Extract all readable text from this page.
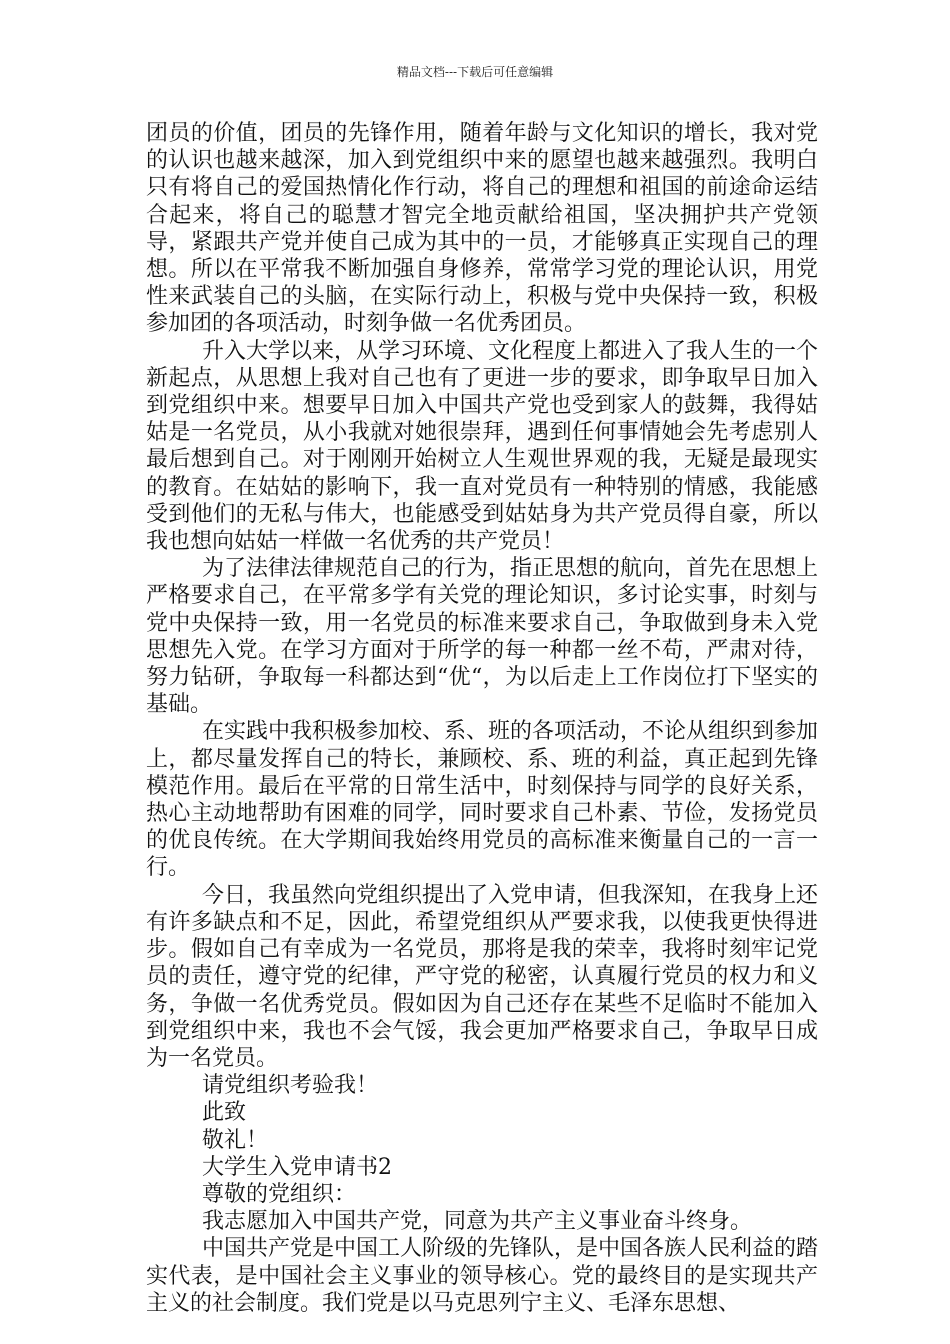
精品文档---下载后可任意编辑

团员的价值，团员的先锋作用，随着年龄与文化知识的增长，我对党的认识也越来越深，加入到党组织中来的愿望也越来越强烈。我明白只有将自己的爱国热情化作行动，将自己的理想和祖国的前途命运结合起来，将自己的聪慧才智完全地贡献给祖国，坚决拥护共产党领导，紧跟共产党并使自己成为其中的一员，才能够真正实现自己的理想。所以在平常我不断加强自身修养，常常学习党的理论认识，用党性来武装自己的头脑，在实际行动上，积极与党中央保持一致，积极参加团的各项活动，时刻争做一名优秀团员。

升入大学以来，从学习环境、文化程度上都进入了我人生的一个新起点，从思想上我对自己也有了更进一步的要求，即争取早日加入到党组织中来。想要早日加入中国共产党也受到家人的鼓舞，我得姑姑是一名党员，从小我就对她很崇拜，遇到任何事情她会先考虑别人最后想到自己。对于刚刚开始树立人生观世界观的我，无疑是最现实的教育。在姑姑的影响下，我一直对党员有一种特别的情感，我能感受到他们的无私与伟大，也能感受到姑姑身为共产党员得自豪，所以我也想向姑姑一样做一名优秀的共产党员！

为了法律法律规范自己的行为，指正思想的航向，首先在思想上严格要求自己，在平常多学有关党的理论知识，多讨论实事，时刻与党中央保持一致，用一名党员的标准来要求自己，争取做到身未入党思想先入党。在学习方面对于所学的每一种都一丝不苟，严肃对待，努力钻研，争取每一科都达到“优“，为以后走上工作岗位打下坚实的基础。

在实践中我积极参加校、系、班的各项活动，不论从组织到参加上，都尽量发挥自己的特长，兼顾校、系、班的利益，真正起到先锋模范作用。最后在平常的日常生活中，时刻保持与同学的良好关系，热心主动地帮助有困难的同学，同时要求自己朴素、节俭，发扬党员的优良传统。在大学期间我始终用党员的高标准来衡量自己的一言一行。

今日，我虽然向党组织提出了入党申请，但我深知，在我身上还有许多缺点和不足，因此，希望党组织从严要求我，以使我更快得进步。假如自己有幸成为一名党员，那将是我的荣幸，我将时刻牢记党员的责任，遵守党的纪律，严守党的秘密，认真履行党员的权力和义务，争做一名优秀党员。假如因为自己还存在某些不足临时不能加入到党组织中来，我也不会气馁，我会更加严格要求自己，争取早日成为一名党员。

请党组织考验我！

此致

敬礼！

大学生入党申请书2

尊敬的党组织：

我志愿加入中国共产党，同意为共产主义事业奋斗终身。

中国共产党是中国工人阶级的先锋队，是中国各族人民利益的踏实代表，是中国社会主义事业的领导核心。党的最终目的是实现共产主义的社会制度。我们党是以马克思列宁主义、毛泽东思想、
